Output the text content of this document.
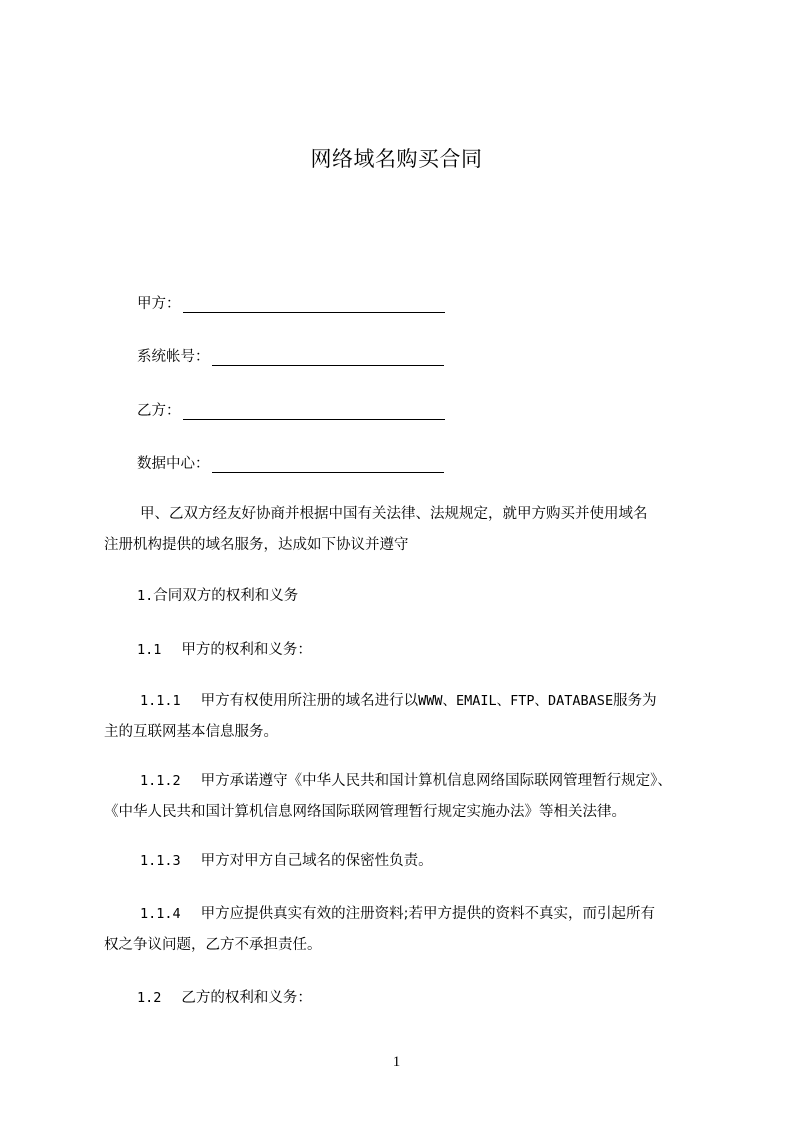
网络域名购买合同
甲方：
系统帐号：
乙方：
数据中心：
甲、乙双方经友好协商并根据中国有关法律、法规规定，就甲方购买并使用域名
注册机构提供的域名服务，达成如下协议并遵守
1.合同双方的权利和义务
1.1 甲方的权利和义务：
1.1.1 甲方有权使用所注册的域名进行以WWW、EMAIL、FTP、DATABASE服务为
主的互联网基本信息服务。
1.1.2 甲方承诺遵守《中华人民共和国计算机信息网络国际联网管理暂行规定》、
《中华人民共和国计算机信息网络国际联网管理暂行规定实施办法》等相关法律。
1.1.3 甲方对甲方自己域名的保密性负责。
1.1.4 甲方应提供真实有效的注册资料;若甲方提供的资料不真实，而引起所有
权之争议问题，乙方不承担责任。
1.2 乙方的权利和义务：
1
